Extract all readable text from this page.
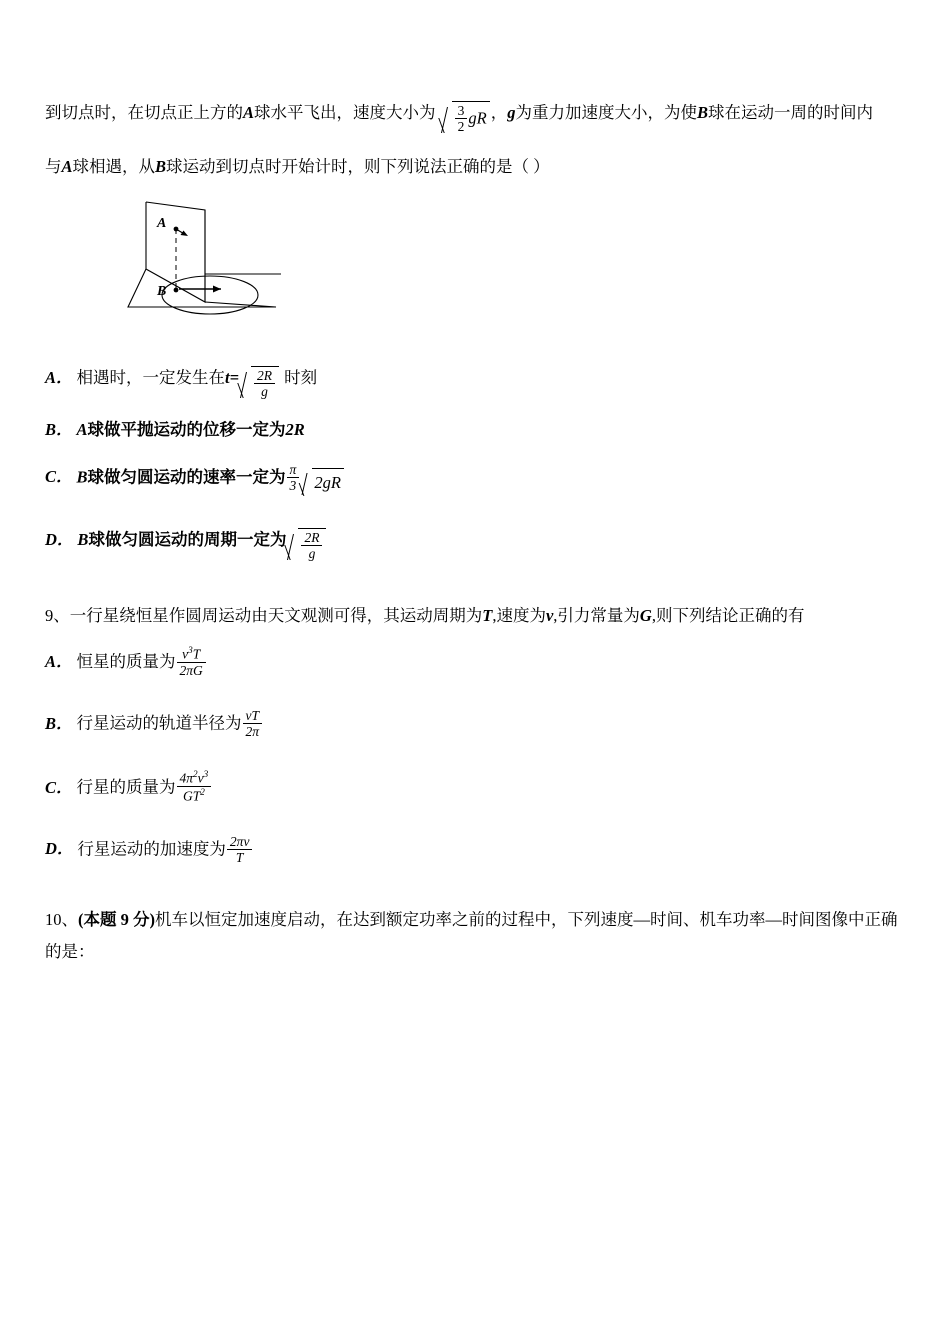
到切点时，在切点正上方的A球水平飞出，速度大小为 $\frac{3}{2}$ gR ，g为重力加速度大小，为使B球在运动一周的时间内
与A球相遇，从B球运动到切点时开始计时，则下列说法正确的是（ ）
A
B
A． 相遇时，一定发生在$t= \frac{2R}{g}$ 时刻
B． A球做平抛运动的位移一定为2R
C． B球做匀圆运动的速率一定为 $\frac{\pi}{3} 2gR$
D． B球做匀圆运动的周期一定为 $\frac{2R}{g}$
9、一行星绕恒星作圆周运动由天文观测可得，其运动周期为T,速度为v,引力常量为G,则下列结论正确的有
A． 恒星的质量为 $\frac{v^3T}{2\pi G}$
B． 行星运动的轨道半径为 $\frac{vT}{2\pi}$
C． 行星的质量为 $\frac{4\pi^2v^3}{GT^2}$
D． 行星运动的加速度为 $\frac{2\pi v}{T}$
10、(本题 9 分)机车以恒定加速度启动，在达到额定功率之前的过程中，下列速度—时间、机车功率—时间图像中正确
的是：
